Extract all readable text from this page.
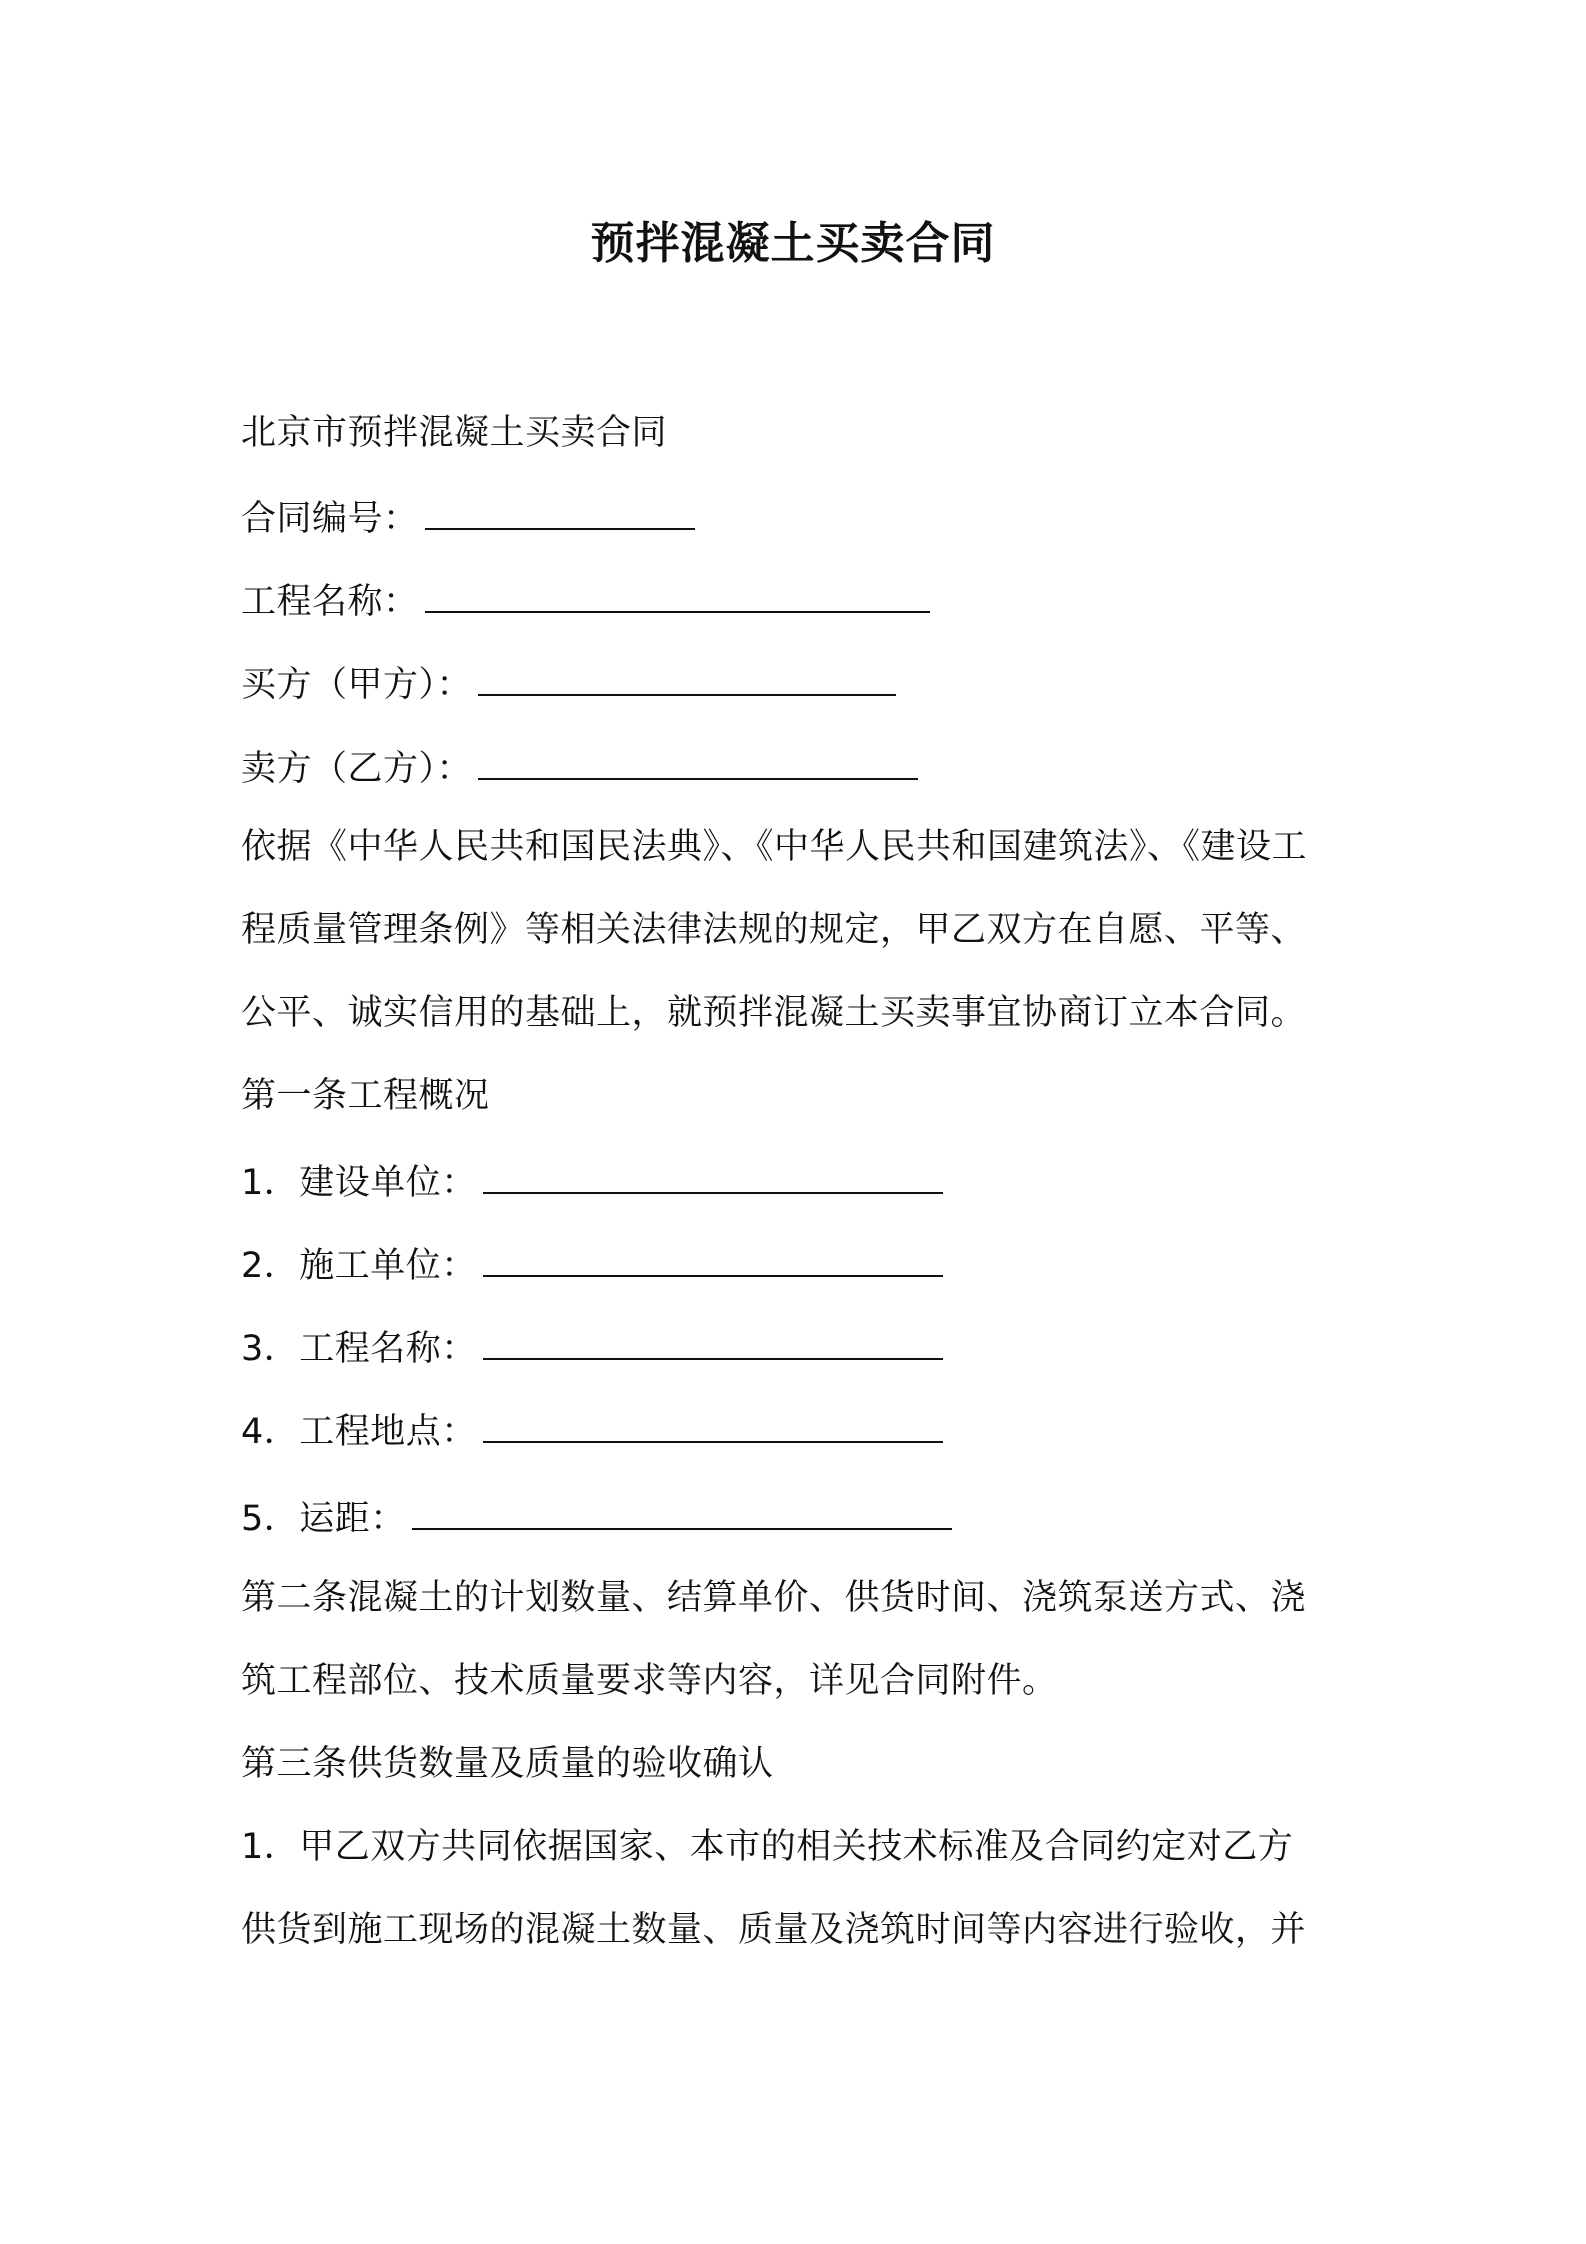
预拌混凝土买卖合同
北京市预拌混凝土买卖合同
合同编号：
工程名称：
买方（甲方）：
卖方（乙方）：
依据《中华人民共和国民法典》、《中华人民共和国建筑法》、《建设工
程质量管理条例》等相关法律法规的规定，甲乙双方在自愿、平等、
公平、诚实信用的基础上，就预拌混凝土买卖事宜协商订立本合同。
第一条工程概况
1．建设单位：
2．施工单位：
3．工程名称：
4．工程地点：
5．运距：
第二条混凝土的计划数量、结算单价、供货时间、浇筑泵送方式、浇
筑工程部位、技术质量要求等内容，详见合同附件。
第三条供货数量及质量的验收确认
1．甲乙双方共同依据国家、本市的相关技术标准及合同约定对乙方
供货到施工现场的混凝土数量、质量及浇筑时间等内容进行验收，并
